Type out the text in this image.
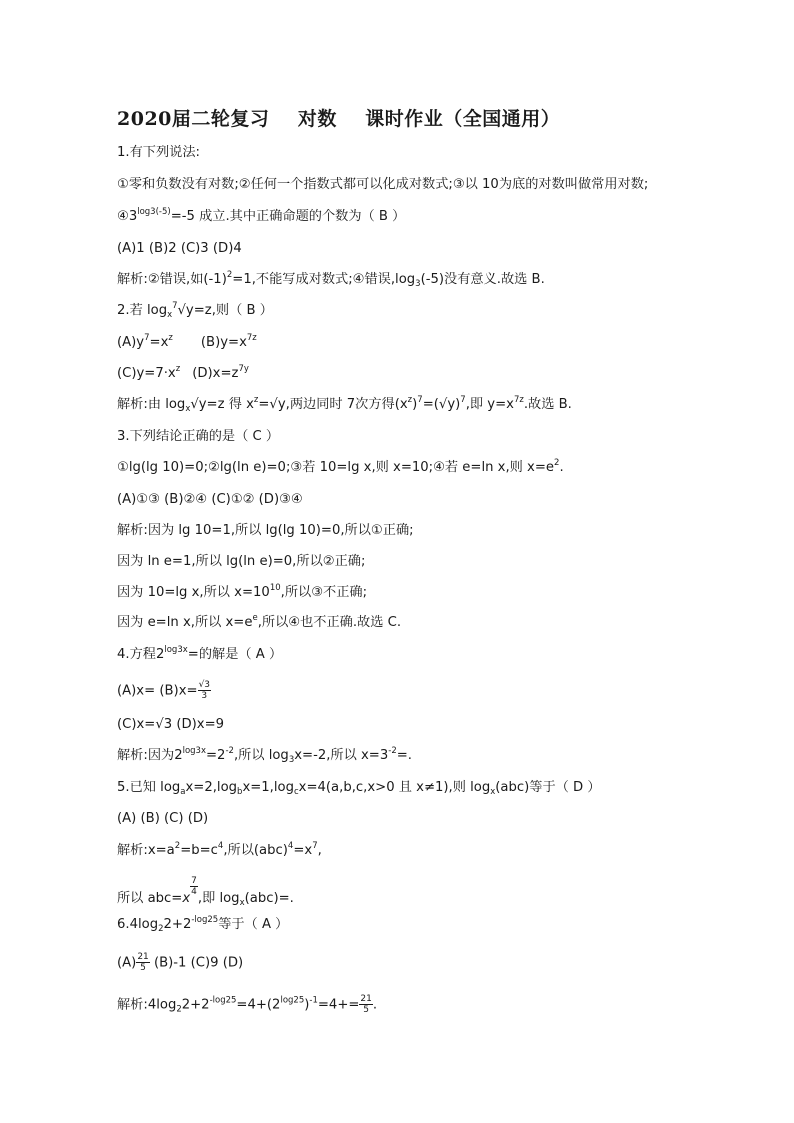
2020届二轮复习    对数    课时作业（全国通用）
1.有下列说法:
①零和负数没有对数;②任何一个指数式都可以化成对数式;③以 10为底的对数叫做常用对数;
$④3^{log3(-5)}=-5$ 成立.其中正确命题的个数为（ B ）
(A)1 (B)2 (C)3 (D)4
解析:②错误,如$(-1)^2=1$,不能写成对数式;④错误$,\log_3(-5)$没有意义.故选 B.
2.若 $\log_x^7√y=z$,则（ B ）
$(A)y^7=x^z$ $(B)y=x^{7z}$
$(C)y=7\cdot x^z$ $(D)x=z^{7y}$
解析:由 $\log_x√y=z$ 得 $x^z=√y$,两边同时 7次方得$(x^z)^7=(√y)^7$,即 $y=x^{7z}$.故选 B.
3.下列结论正确的是（ C ）
①lg(lg 10)=0;②lg(ln e)=0;③若 10=lg x,则 x=10;④若 e=ln x,则 $x=e^2$.
(A)①③ (B)②④ (C)①② (D)③④
解析:因为 lg 10=1,所以 lg(lg 10)=0,所以①正确;
因为 ln e=1,所以 lg(ln e)=0,所以②正确;
因为 10=lg x,所以 $x=10^{10}$,所以③不正确;
因为 e=ln x,所以 $x=e^e$,所以④也不正确.故选 C.
4.方程$2^{log3x}=$的解是（ A ）
$(A)x= (B)x= \frac{√3}{3}$
(C)x=√3 (D)x=9
解析:因为$2^{log3x}=2^{-2}$,所以 $\log_3x=-2$,所以 $x=3^{-2}=$.
5.已知 $\log_ax=2,\log_bx=1,\log_cx=4(a,b,c,x>0$ 且 x≠1),则 $\log_x(abc)$等于（ D ）
(A) (B) (C) (D)
解析$:x=a^2=b=c^4$,所以$(abc)^4=x^7$,
所以 abc=x
$\frac{7}{4}$
,即 $\log_x(abc)=$.
$6.4\log_22+2^{-log25}$等于（ A ）
$(A) \frac{21}{5} (B)-1$ (C)9 (D)
解析$:4\log_22+2^{-log25}=4+(2^{log25})^{-1}=4+= \frac{21}{5}$ .
